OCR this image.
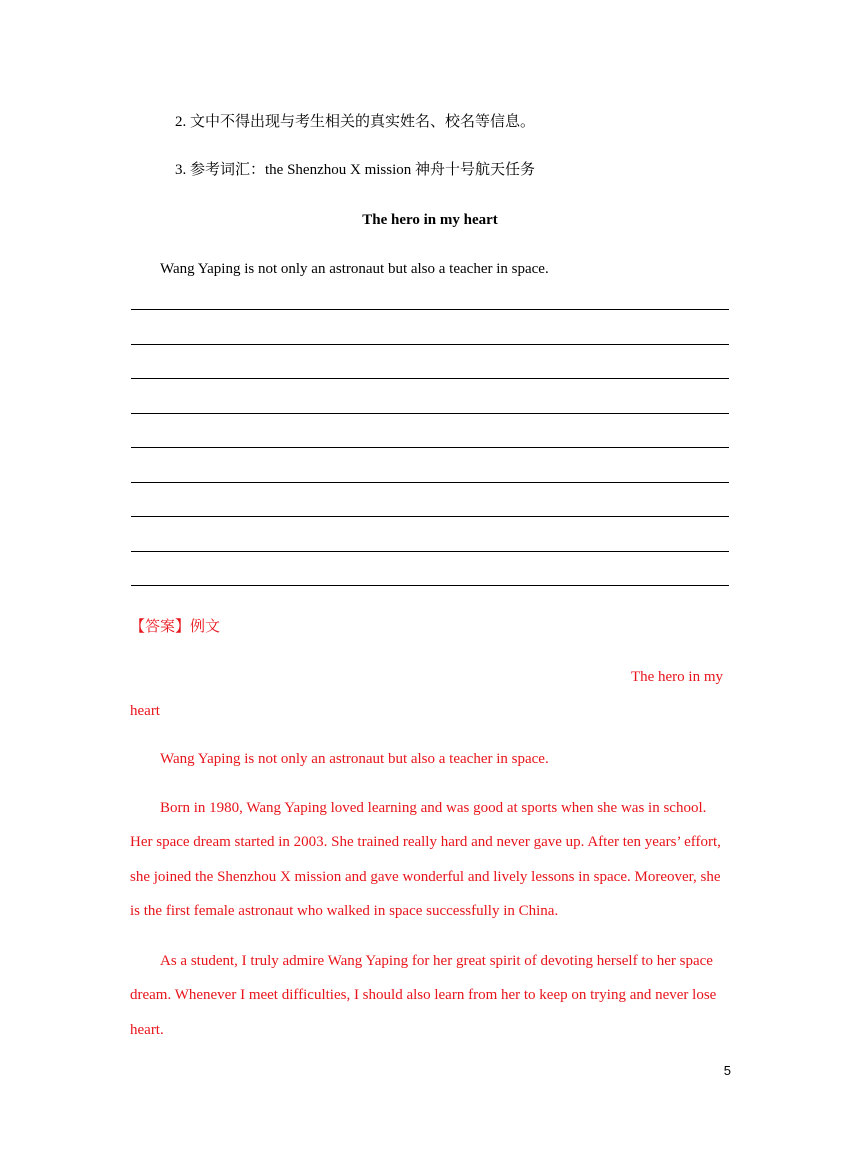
2. 文中不得出现与考生相关的真实姓名、校名等信息。
3. 参考词汇：the Shenzhou X mission 神舟十号航天任务
The hero in my heart
Wang Yaping is not only an astronaut but also a teacher in space.
【答案】例文
The hero in my
heart
Wang Yaping is not only an astronaut but also a teacher in space.
Born in 1980, Wang Yaping loved learning and was good at sports when she was in school. Her space dream started in 2003. She trained really hard and never gave up. After ten years’ effort, she joined the Shenzhou X mission and gave wonderful and lively lessons in space. Moreover, she is the first female astronaut who walked in space successfully in China.
As a student, I truly admire Wang Yaping for her great spirit of devoting herself to her space dream. Whenever I meet difficulties, I should also learn from her to keep on trying and never lose heart.
5
